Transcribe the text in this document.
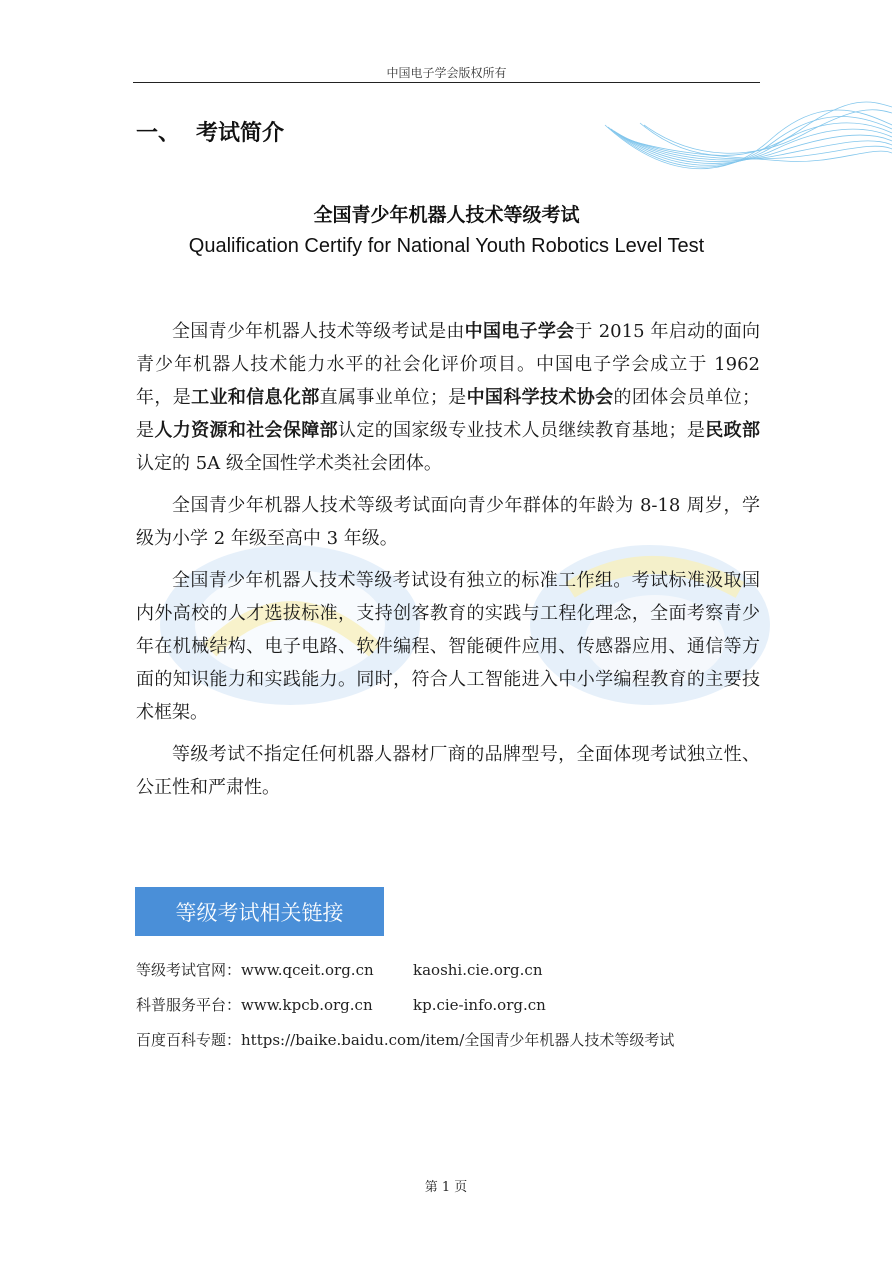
中国电子学会版权所有
一、 考试简介
全国青少年机器人技术等级考试
Qualification Certify for National Youth Robotics Level Test

全国青少年机器人技术等级考试是由中国电子学会于 2015 年启动的面向青少年机器人技术能力水平的社会化评价项目。中国电子学会成立于 1962 年，是工业和信息化部直属事业单位；是中国科学技术协会的团体会员单位；是人力资源和社会保障部认定的国家级专业技术人员继续教育基地；是民政部认定的 5A 级全国性学术类社会团体。

全国青少年机器人技术等级考试面向青少年群体的年龄为 8-18 周岁，学级为小学 2 年级至高中 3 年级。

全国青少年机器人技术等级考试设有独立的标准工作组。考试标准汲取国内外高校的人才选拔标准，支持创客教育的实践与工程化理念，全面考察青少年在机械结构、电子电路、软件编程、智能硬件应用、传感器应用、通信等方面的知识能力和实践能力。同时，符合人工智能进入中小学编程教育的主要技术框架。

等级考试不指定任何机器人器材厂商的品牌型号，全面体现考试独立性、公正性和严肃性。

等级考试相关链接
等级考试官网：www.qceit.org.cn	kaoshi.cie.org.cn
科普服务平台：www.kpcb.org.cn	kp.cie-info.org.cn
百度百科专题：https://baike.baidu.com/item/全国青少年机器人技术等级考试
第 1 页
